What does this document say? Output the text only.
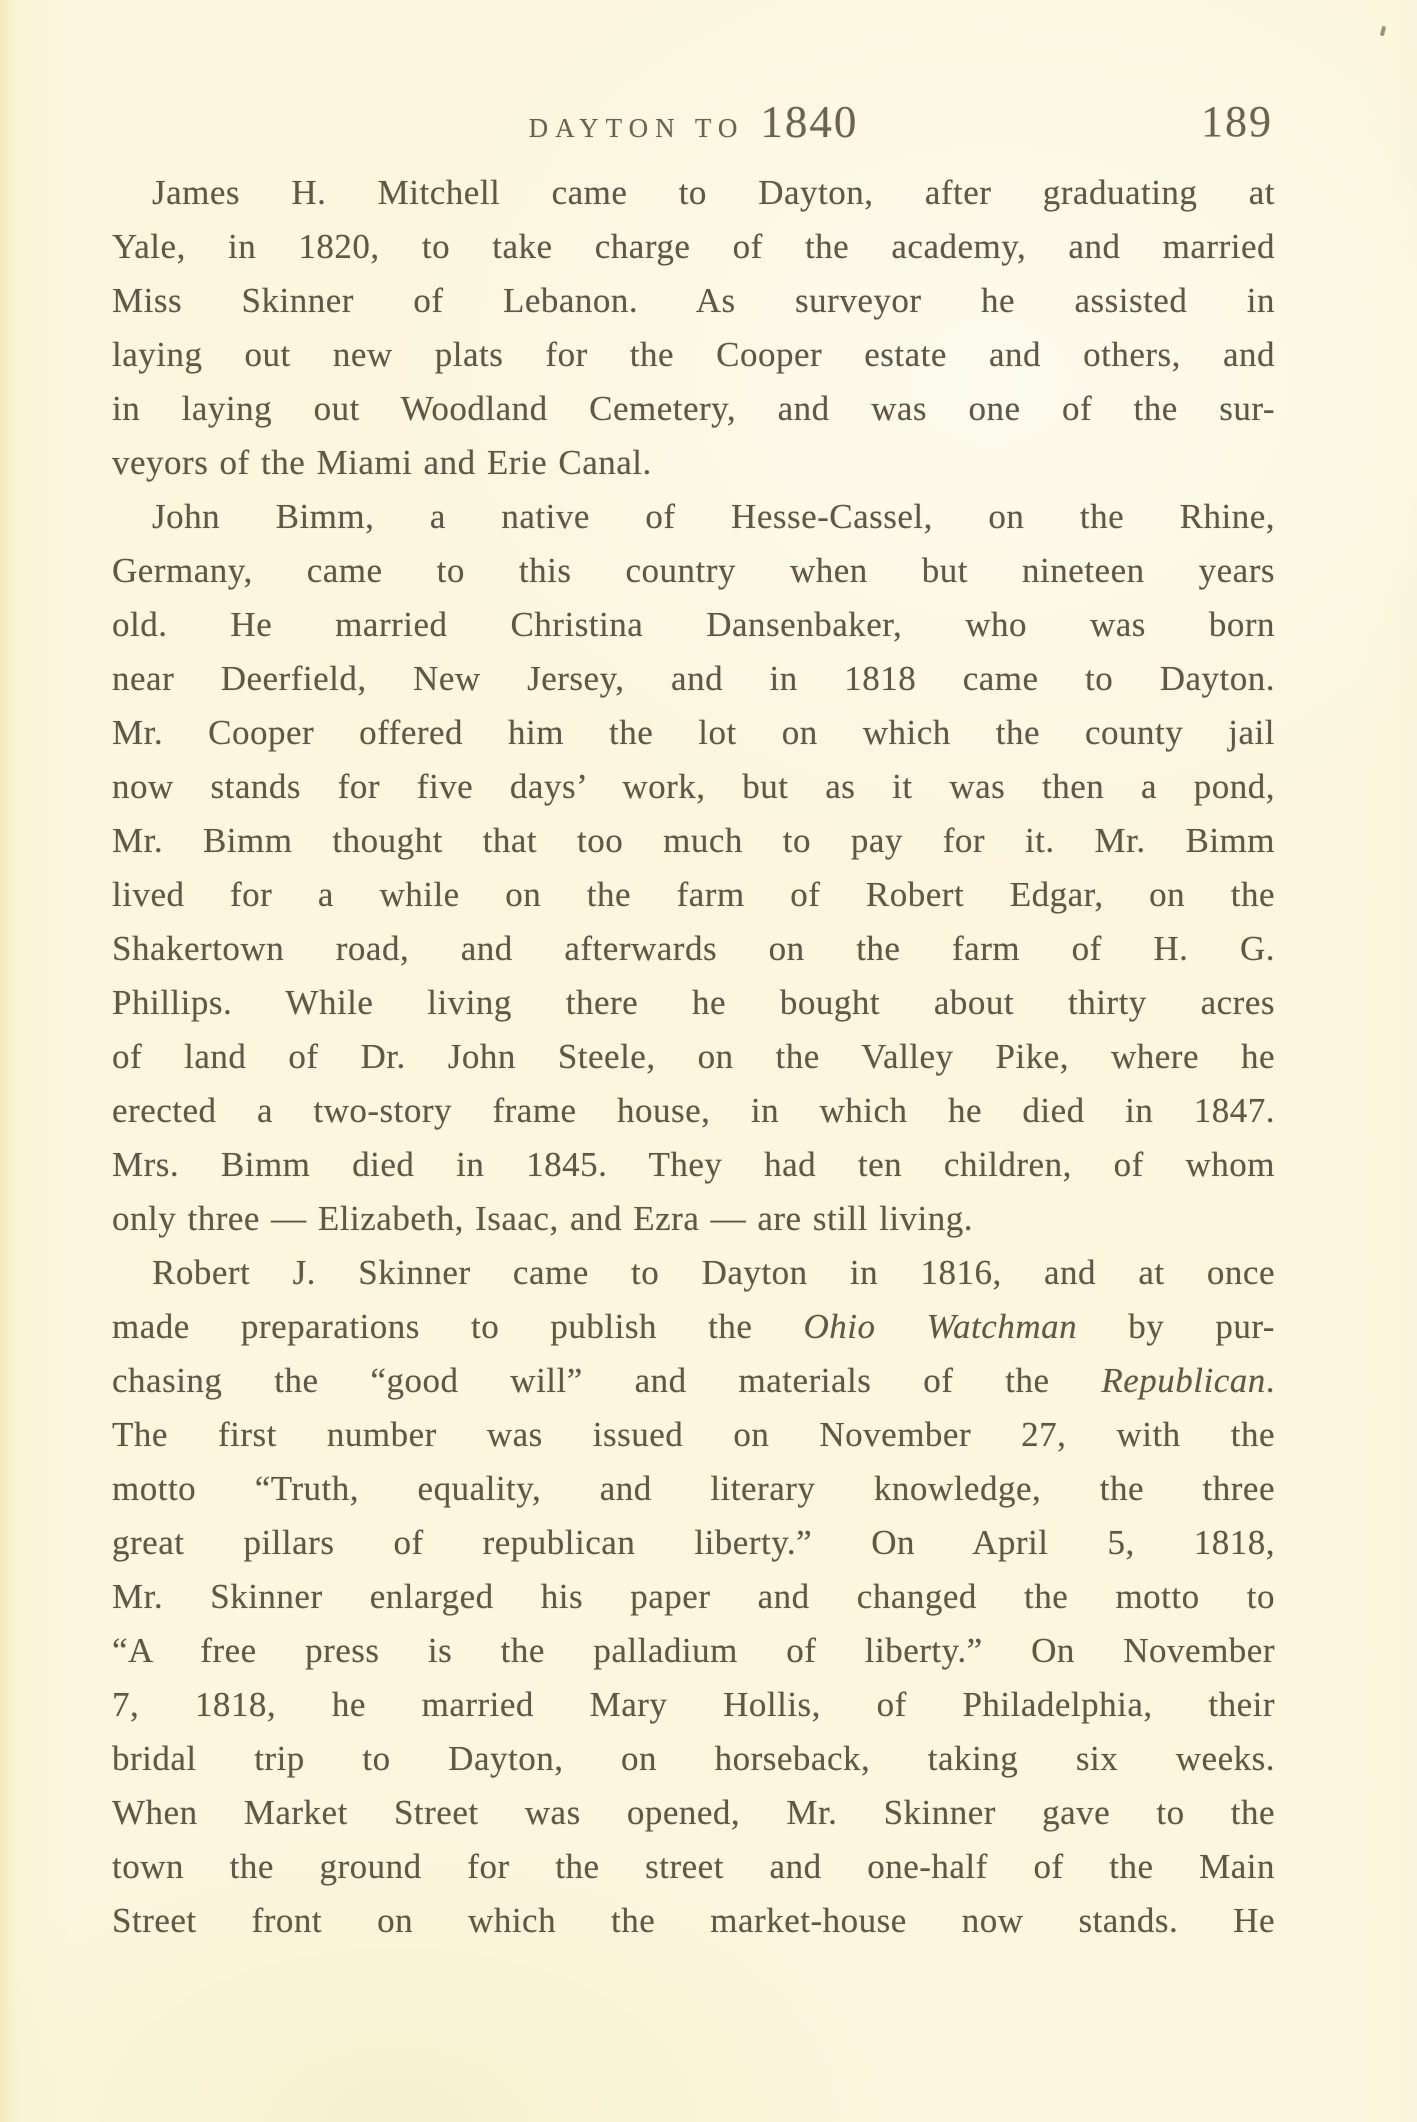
DAYTON TO 1840	189
James H. Mitchell came to Dayton, after graduating at
Yale, in 1820, to take charge of the academy, and married
Miss Skinner of Lebanon. As surveyor he assisted in
laying out new plats for the Cooper estate and others, and
in laying out Woodland Cemetery, and was one of the sur-
veyors of the Miami and Erie Canal.
John Bimm, a native of Hesse-Cassel, on the Rhine,
Germany, came to this country when but nineteen years
old. He married Christina Dansenbaker, who was born
near Deerfield, New Jersey, and in 1818 came to Dayton.
Mr. Cooper offered him the lot on which the county jail
now stands for five days’ work, but as it was then a pond,
Mr. Bimm thought that too much to pay for it. Mr. Bimm
lived for a while on the farm of Robert Edgar, on the
Shakertown road, and afterwards on the farm of H. G.
Phillips. While living there he bought about thirty acres
of land of Dr. John Steele, on the Valley Pike, where he
erected a two-story frame house, in which he died in 1847.
Mrs. Bimm died in 1845. They had ten children, of whom
only three — Elizabeth, Isaac, and Ezra — are still living.
Robert J. Skinner came to Dayton in 1816, and at once
made preparations to publish the Ohio Watchman by pur-
chasing the “good will” and materials of the Republican.
The first number was issued on November 27, with the
motto “Truth, equality, and literary knowledge, the three
great pillars of republican liberty.” On April 5, 1818,
Mr. Skinner enlarged his paper and changed the motto to
“A free press is the palladium of liberty.” On November
7, 1818, he married Mary Hollis, of Philadelphia, their
bridal trip to Dayton, on horseback, taking six weeks.
When Market Street was opened, Mr. Skinner gave to the
town the ground for the street and one-half of the Main
Street front on which the market-house now stands. He
